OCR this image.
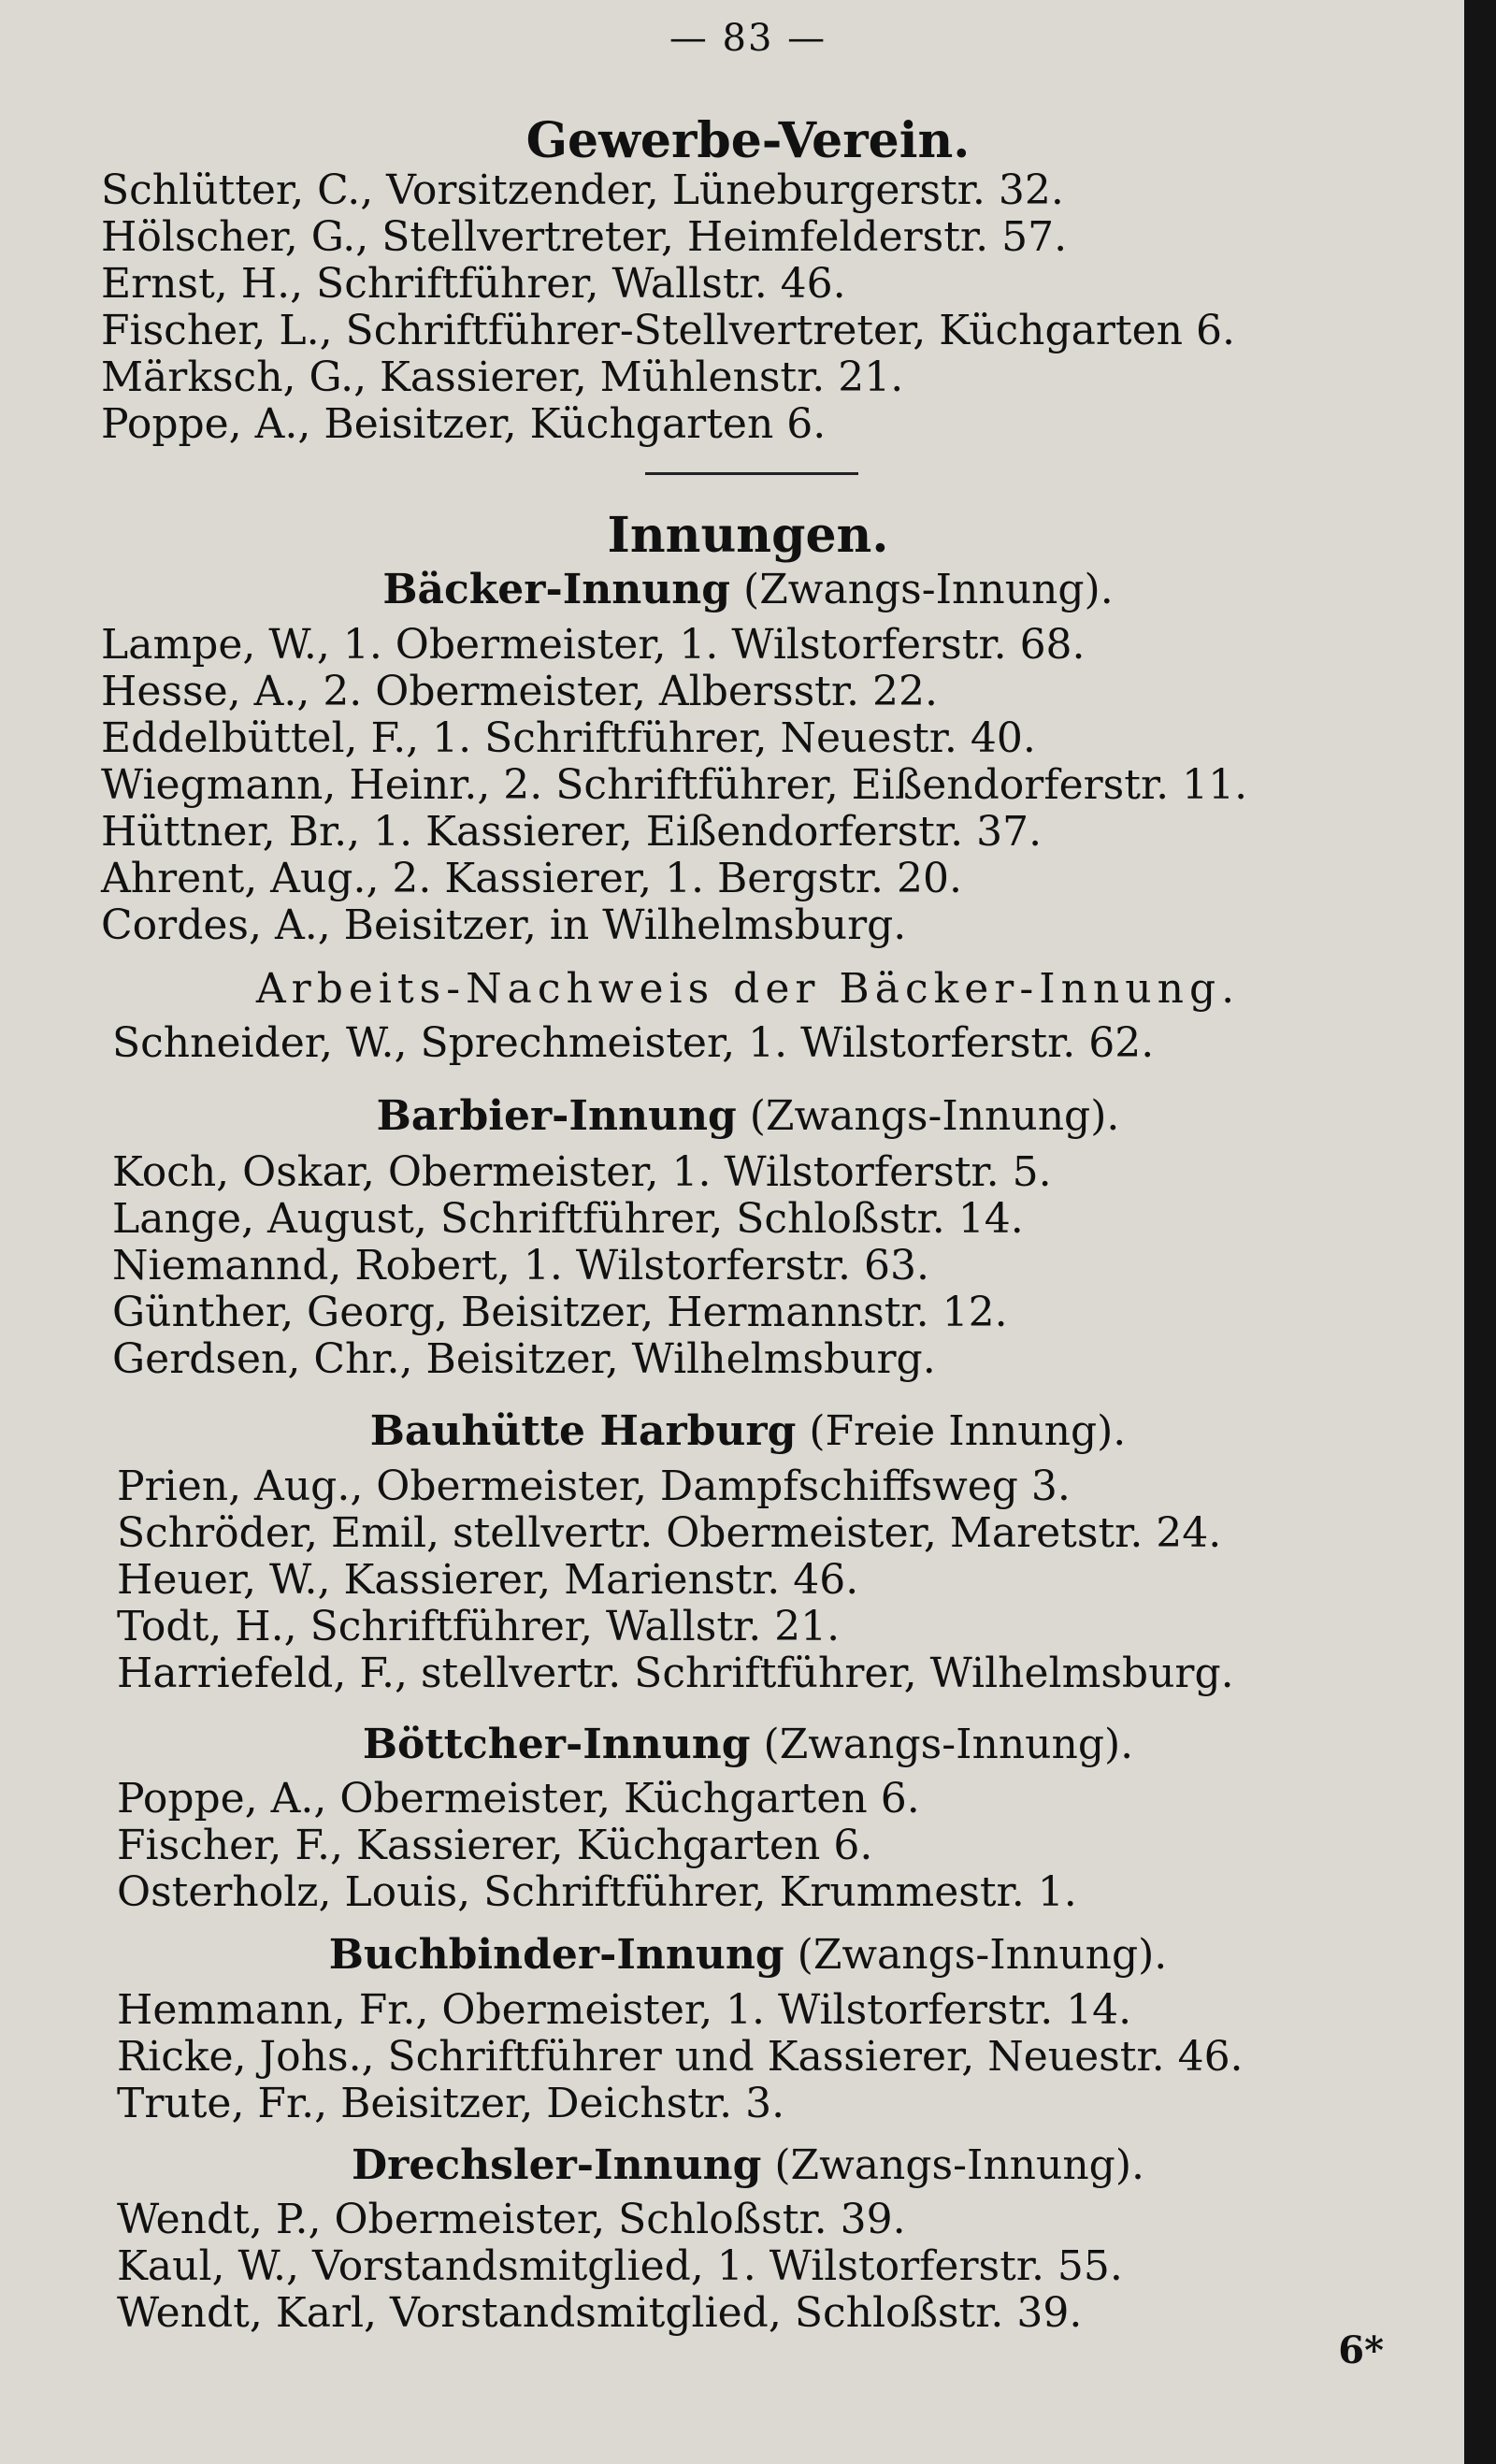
— 83 —
Gewerbe-Verein.
Schlütter, C., Vorsitzender, Lüneburgerstr. 32.
Hölscher, G., Stellvertreter, Heimfelderstr. 57.
Ernst, H., Schriftführer, Wallstr. 46.
Fischer, L., Schriftführer-Stellvertreter, Küchgarten 6.
Märksch, G., Kassierer, Mühlenstr. 21.
Poppe, A., Beisitzer, Küchgarten 6.
Innungen.
Bäcker-Innung (Zwangs-Innung).
Lampe, W., 1. Obermeister, 1. Wilstorferstr. 68.
Hesse, A., 2. Obermeister, Albersstr. 22.
Eddelbüttel, F., 1. Schriftführer, Neuestr. 40.
Wiegmann, Heinr., 2. Schriftführer, Eißendorferstr. 11.
Hüttner, Br., 1. Kassierer, Eißendorferstr. 37.
Ahrent, Aug., 2. Kassierer, 1. Bergstr. 20.
Cordes, A., Beisitzer, in Wilhelmsburg.
Arbeits-Nachweis der Bäcker-Innung.
Schneider, W., Sprechmeister, 1. Wilstorferstr. 62.
Barbier-Innung (Zwangs-Innung).
Koch, Oskar, Obermeister, 1. Wilstorferstr. 5.
Lange, August, Schriftführer, Schloßstr. 14.
Niemannd, Robert, 1. Wilstorferstr. 63.
Günther, Georg, Beisitzer, Hermannstr. 12.
Gerdsen, Chr., Beisitzer, Wilhelmsburg.
Bauhütte Harburg (Freie Innung).
Prien, Aug., Obermeister, Dampfschiffsweg 3.
Schröder, Emil, stellvertr. Obermeister, Maretstr. 24.
Heuer, W., Kassierer, Marienstr. 46.
Todt, H., Schriftführer, Wallstr. 21.
Harriefeld, F., stellvertr. Schriftführer, Wilhelmsburg.
Böttcher-Innung (Zwangs-Innung).
Poppe, A., Obermeister, Küchgarten 6.
Fischer, F., Kassierer, Küchgarten 6.
Osterholz, Louis, Schriftführer, Krummestr. 1.
Buchbinder-Innung (Zwangs-Innung).
Hemmann, Fr., Obermeister, 1. Wilstorferstr. 14.
Ricke, Johs., Schriftführer und Kassierer, Neuestr. 46.
Trute, Fr., Beisitzer, Deichstr. 3.
Drechsler-Innung (Zwangs-Innung).
Wendt, P., Obermeister, Schloßstr. 39.
Kaul, W., Vorstandsmitglied, 1. Wilstorferstr. 55.
Wendt, Karl, Vorstandsmitglied, Schloßstr. 39.
6*
